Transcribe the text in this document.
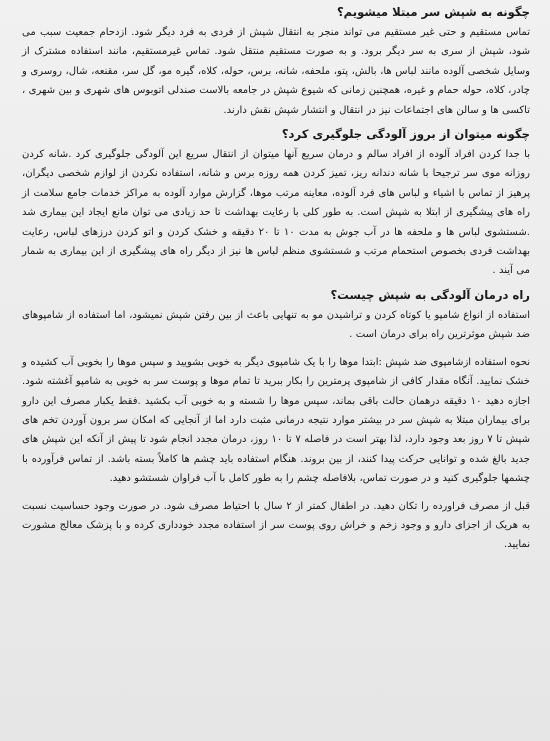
چگونه به شپش سر مبتلا میشویم؟

تماس مستقیم و حتی غیر مستقیم می تواند منجر به انتقال شپش از فردی به فرد دیگر شود. ازدحام جمعیت سبب می شود، شپش از سری به سر دیگر برود. و به صورت مستقیم منتقل شود. تماس غیرمستقیم، مانند استفاده مشترک از وسایل شخصی آلوده مانند لباس ها، بالش، پتو، ملحفه، شانه، برس، حوله، کلاه، گیره مو، گل سر، مقنعه، شال، روسری و چادر، کلاه، حوله حمام و غیره، همچنین زمانی که شیوع شپش در جامعه بالاست صندلی اتوبوس های شهری و بین شهری ، تاکسی ها و سالن های اجتماعات نیز در انتقال و انتشار شپش نقش دارند.

چگونه میتوان از بروز آلودگی جلوگیری کرد؟

با جدا کردن افراد آلوده از افراد سالم و درمان سریع آنها میتوان از انتقال سریع این آلودگی جلوگیری کرد .شانه کردن روزانه موی سر ترجیحا با شانه دندانه ریز، تمیز کردن همه روزه برس و شانه، استفاده نکردن از لوازم شخصی دیگران، پرهیز از تماس با اشیاء و لباس های فرد آلوده، معاینه مرتب موها، گزارش موارد آلوده به مراکز خدمات جامع سلامت از راه های پیشگیری از ابتلا به شپش است. به طور کلی با رعایت بهداشت تا حد زیادی می توان مانع ایجاد این بیماری شد .شستشوی لباس ها و ملحفه ها در آب جوش به مدت ۱۰ تا ۲۰ دقیقه و خشک کردن و اتو کردن درزهای لباس، رعایت بهداشت فردی بخصوص استحمام مرتب و شستشوی منظم لباس ها نیز از دیگر راه های پیشگیری از این بیماری به شمار می آیند .

راه درمان آلودگی به شپش چیست؟

استفاده از انواع شامپو یا کوتاه کردن و تراشیدن مو به تنهایی باعث از بین رفتن شپش نمیشود، اما استفاده از شامپوهای ضد شپش موثرترین راه برای درمان است .

نحوه استفاده ازشامپوی ضد شپش :ابتدا موها را با یک شامپوی دیگر به خوبی بشویید و سپس موها را بخوبی آب کشیده و خشک نمایید. آنگاه مقدار کافی از شامپوی پرمترین را بکار ببرید تا تمام موها و پوست سر به خوبی به شامپو آغشته شود. اجازه دهید ۱۰ دقیقه درهمان حالت باقی بماند، سپس موها را شسته و به خوبی آب بکشید .فقط یکبار مصرف این دارو برای بیماران مبتلا به شپش سر در بیشتر موارد نتیجه درمانی مثبت دارد اما از آنجایی که امکان سر برون آوردن تخم های شپش تا ۷ روز بعد وجود دارد، لذا بهتر است در فاصله ۷ تا ۱۰ روز، درمان مجدد انجام شود تا پیش از آنکه این شپش های جدید بالغ شده و توانایی حرکت پیدا کنند، از بین بروند. هنگام استفاده باید چشم ها کاملاً بسته باشد. از تماس فرآورده با چشمها جلوگیری کنید و در صورت تماس، بلافاصله چشم را به طور کامل با آب فراوان شستشو دهید.

قبل از مصرف فراورده را تکان دهید. در اطفال کمتر از ۲ سال با احتیاط مصرف شود. در صورت وجود حساسیت نسبت به هریک از اجزای دارو و وجود زخم و خراش روی پوست سر از استفاده مجدد خودداری کرده و با پزشک معالج مشورت نمایید.
